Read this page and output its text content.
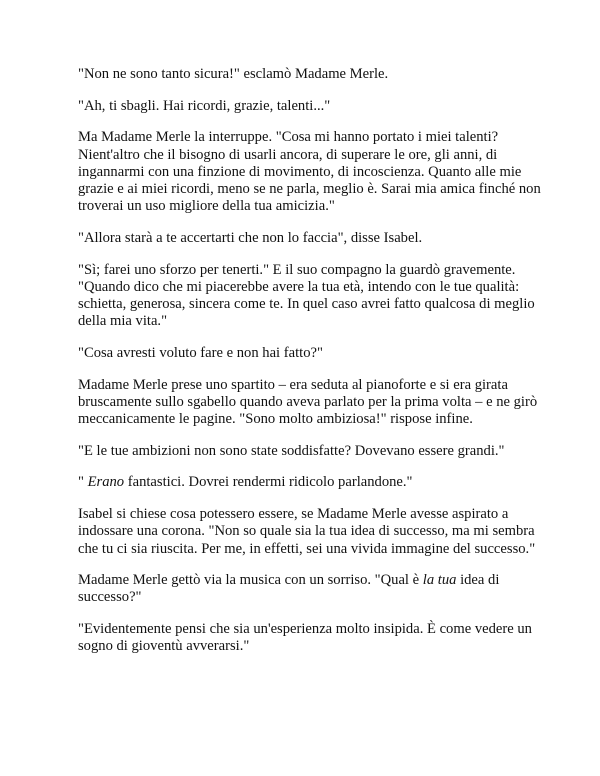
"Non ne sono tanto sicura!" esclamò Madame Merle.

"Ah, ti sbagli. Hai ricordi, grazie, talenti..."

Ma Madame Merle la interruppe. "Cosa mi hanno portato i miei talenti? Nient'altro che il bisogno di usarli ancora, di superare le ore, gli anni, di ingannarmi con una finzione di movimento, di incoscienza. Quanto alle mie grazie e ai miei ricordi, meno se ne parla, meglio è. Sarai mia amica finché non troverai un uso migliore della tua amicizia."

"Allora starà a te accertarti che non lo faccia", disse Isabel.

"Sì; farei uno sforzo per tenerti." E il suo compagno la guardò gravemente. "Quando dico che mi piacerebbe avere la tua età, intendo con le tue qualità: schietta, generosa, sincera come te. In quel caso avrei fatto qualcosa di meglio della mia vita."

"Cosa avresti voluto fare e non hai fatto?"

Madame Merle prese uno spartito – era seduta al pianoforte e si era girata bruscamente sullo sgabello quando aveva parlato per la prima volta – e ne girò meccanicamente le pagine. "Sono molto ambiziosa!" rispose infine.

"E le tue ambizioni non sono state soddisfatte? Dovevano essere grandi."

" Erano fantastici. Dovrei rendermi ridicolo parlandone."

Isabel si chiese cosa potessero essere, se Madame Merle avesse aspirato a indossare una corona. "Non so quale sia la tua idea di successo, ma mi sembra che tu ci sia riuscita. Per me, in effetti, sei una vivida immagine del successo."

Madame Merle gettò via la musica con un sorriso. "Qual è la tua idea di successo?"

"Evidentemente pensi che sia un'esperienza molto insipida. È come vedere un sogno di gioventù avverarsi."
